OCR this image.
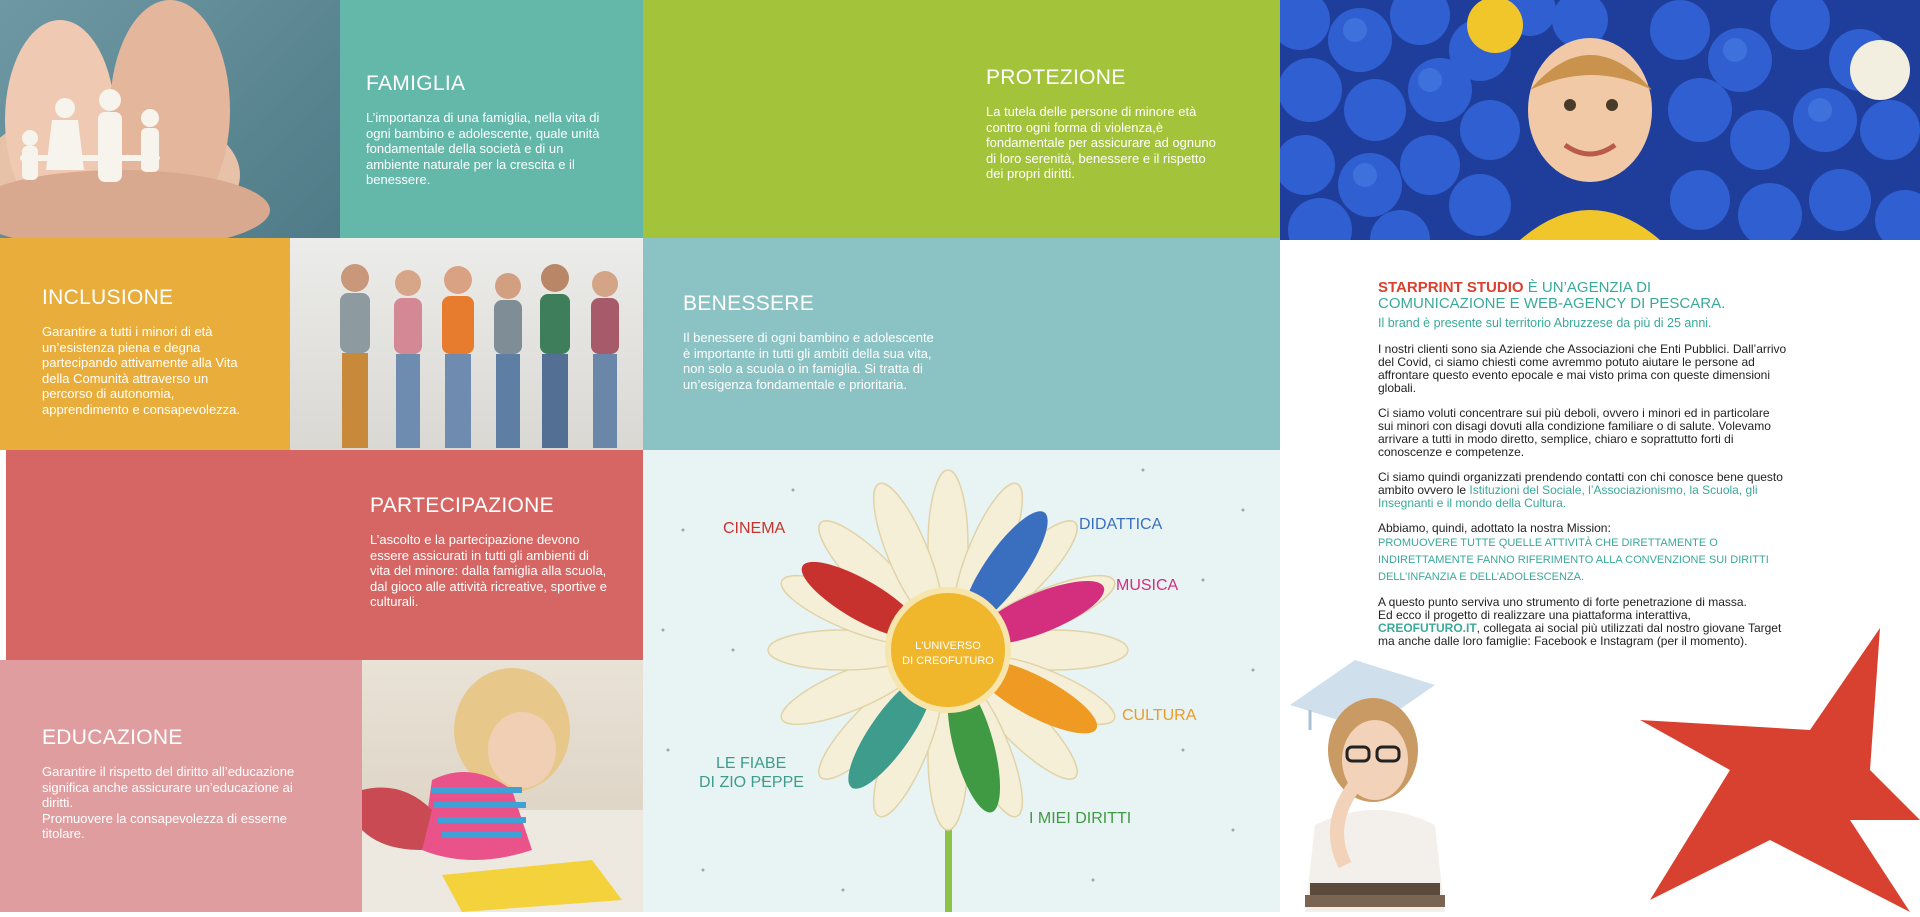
FAMIGLIA
L’importanza di una famiglia, nella vita di ogni bambino e adolescente, quale unità fondamentale della società e di un ambiente naturale per la crescita e il benessere.
INCLUSIONE
Garantire a tutti i minori di età un’esistenza piena e degna partecipando attivamente alla Vita della Comunità attraverso un percorso di autonomia, apprendimento e consapevolezza.
PARTECIPAZIONE
L’ascolto e la partecipazione devono essere assicurati in tutti gli ambienti di vita del minore: dalla famiglia alla scuola, dal gioco alle attività ricreative, sportive e culturali.
EDUCAZIONE
Garantire il rispetto del diritto all’educazione significa anche assicurare un’educazione ai diritti.
Promuovere la consapevolezza di esserne titolare.
PROTEZIONE
La tutela delle persone di minore età contro ogni forma di violenza,è fondamentale per assicurare ad ognuno di loro serenità, benessere e il rispetto dei propri diritti.
BENESSERE
Il benessere di ogni bambino e adolescente è importante in tutti gli ambiti della sua vita, non solo a scuola o in famiglia. Si tratta di un’esigenza fondamentale e prioritaria.
L'UNIVERSO
DI CREOFUTURO
CINEMA	DIDATTICA
MUSICA
CULTURA
LE FIABE
DI ZIO PEPPE
I MIEI DIRITTI
STARPRINT STUDIO È UN’AGENZIA DI
COMUNICAZIONE E WEB-AGENCY DI PESCARA.
Il brand è presente sul territorio Abruzzese da più di 25 anni.

I nostri clienti sono sia Aziende che Associazioni che Enti Pubblici. Dall’arrivo del Covid, ci siamo chiesti come avremmo potuto aiutare le persone ad affrontare questo evento epocale e mai visto prima con queste dimensioni globali.

Ci siamo voluti concentrare sui più deboli, ovvero i minori ed in particolare sui minori con disagi dovuti alla condizione familiare o di salute. Volevamo arrivare a tutti in modo diretto, semplice, chiaro e soprattutto forti di conoscenze e competenze.

Ci siamo quindi organizzati prendendo contatti con chi conosce bene questo ambito ovvero le Istituzioni del Sociale, l’Associazionismo, la Scuola, gli Insegnanti e il mondo della Cultura.

Abbiamo, quindi, adottato la nostra Mission:
PROMUOVERE TUTTE QUELLE ATTIVITÀ CHE DIRETTAMENTE O INDIRETTAMENTE FANNO RIFERIMENTO ALLA CONVENZIONE SUI DIRITTI DELL’INFANZIA E DELL’ADOLESCENZA.

A questo punto serviva uno strumento di forte penetrazione di massa.
Ed ecco il progetto di realizzare una piattaforma interattiva,
CREOFUTURO.IT, collegata ai social più utilizzati dal nostro giovane Target ma anche dalle loro famiglie: Facebook e Instagram (per il momento).
